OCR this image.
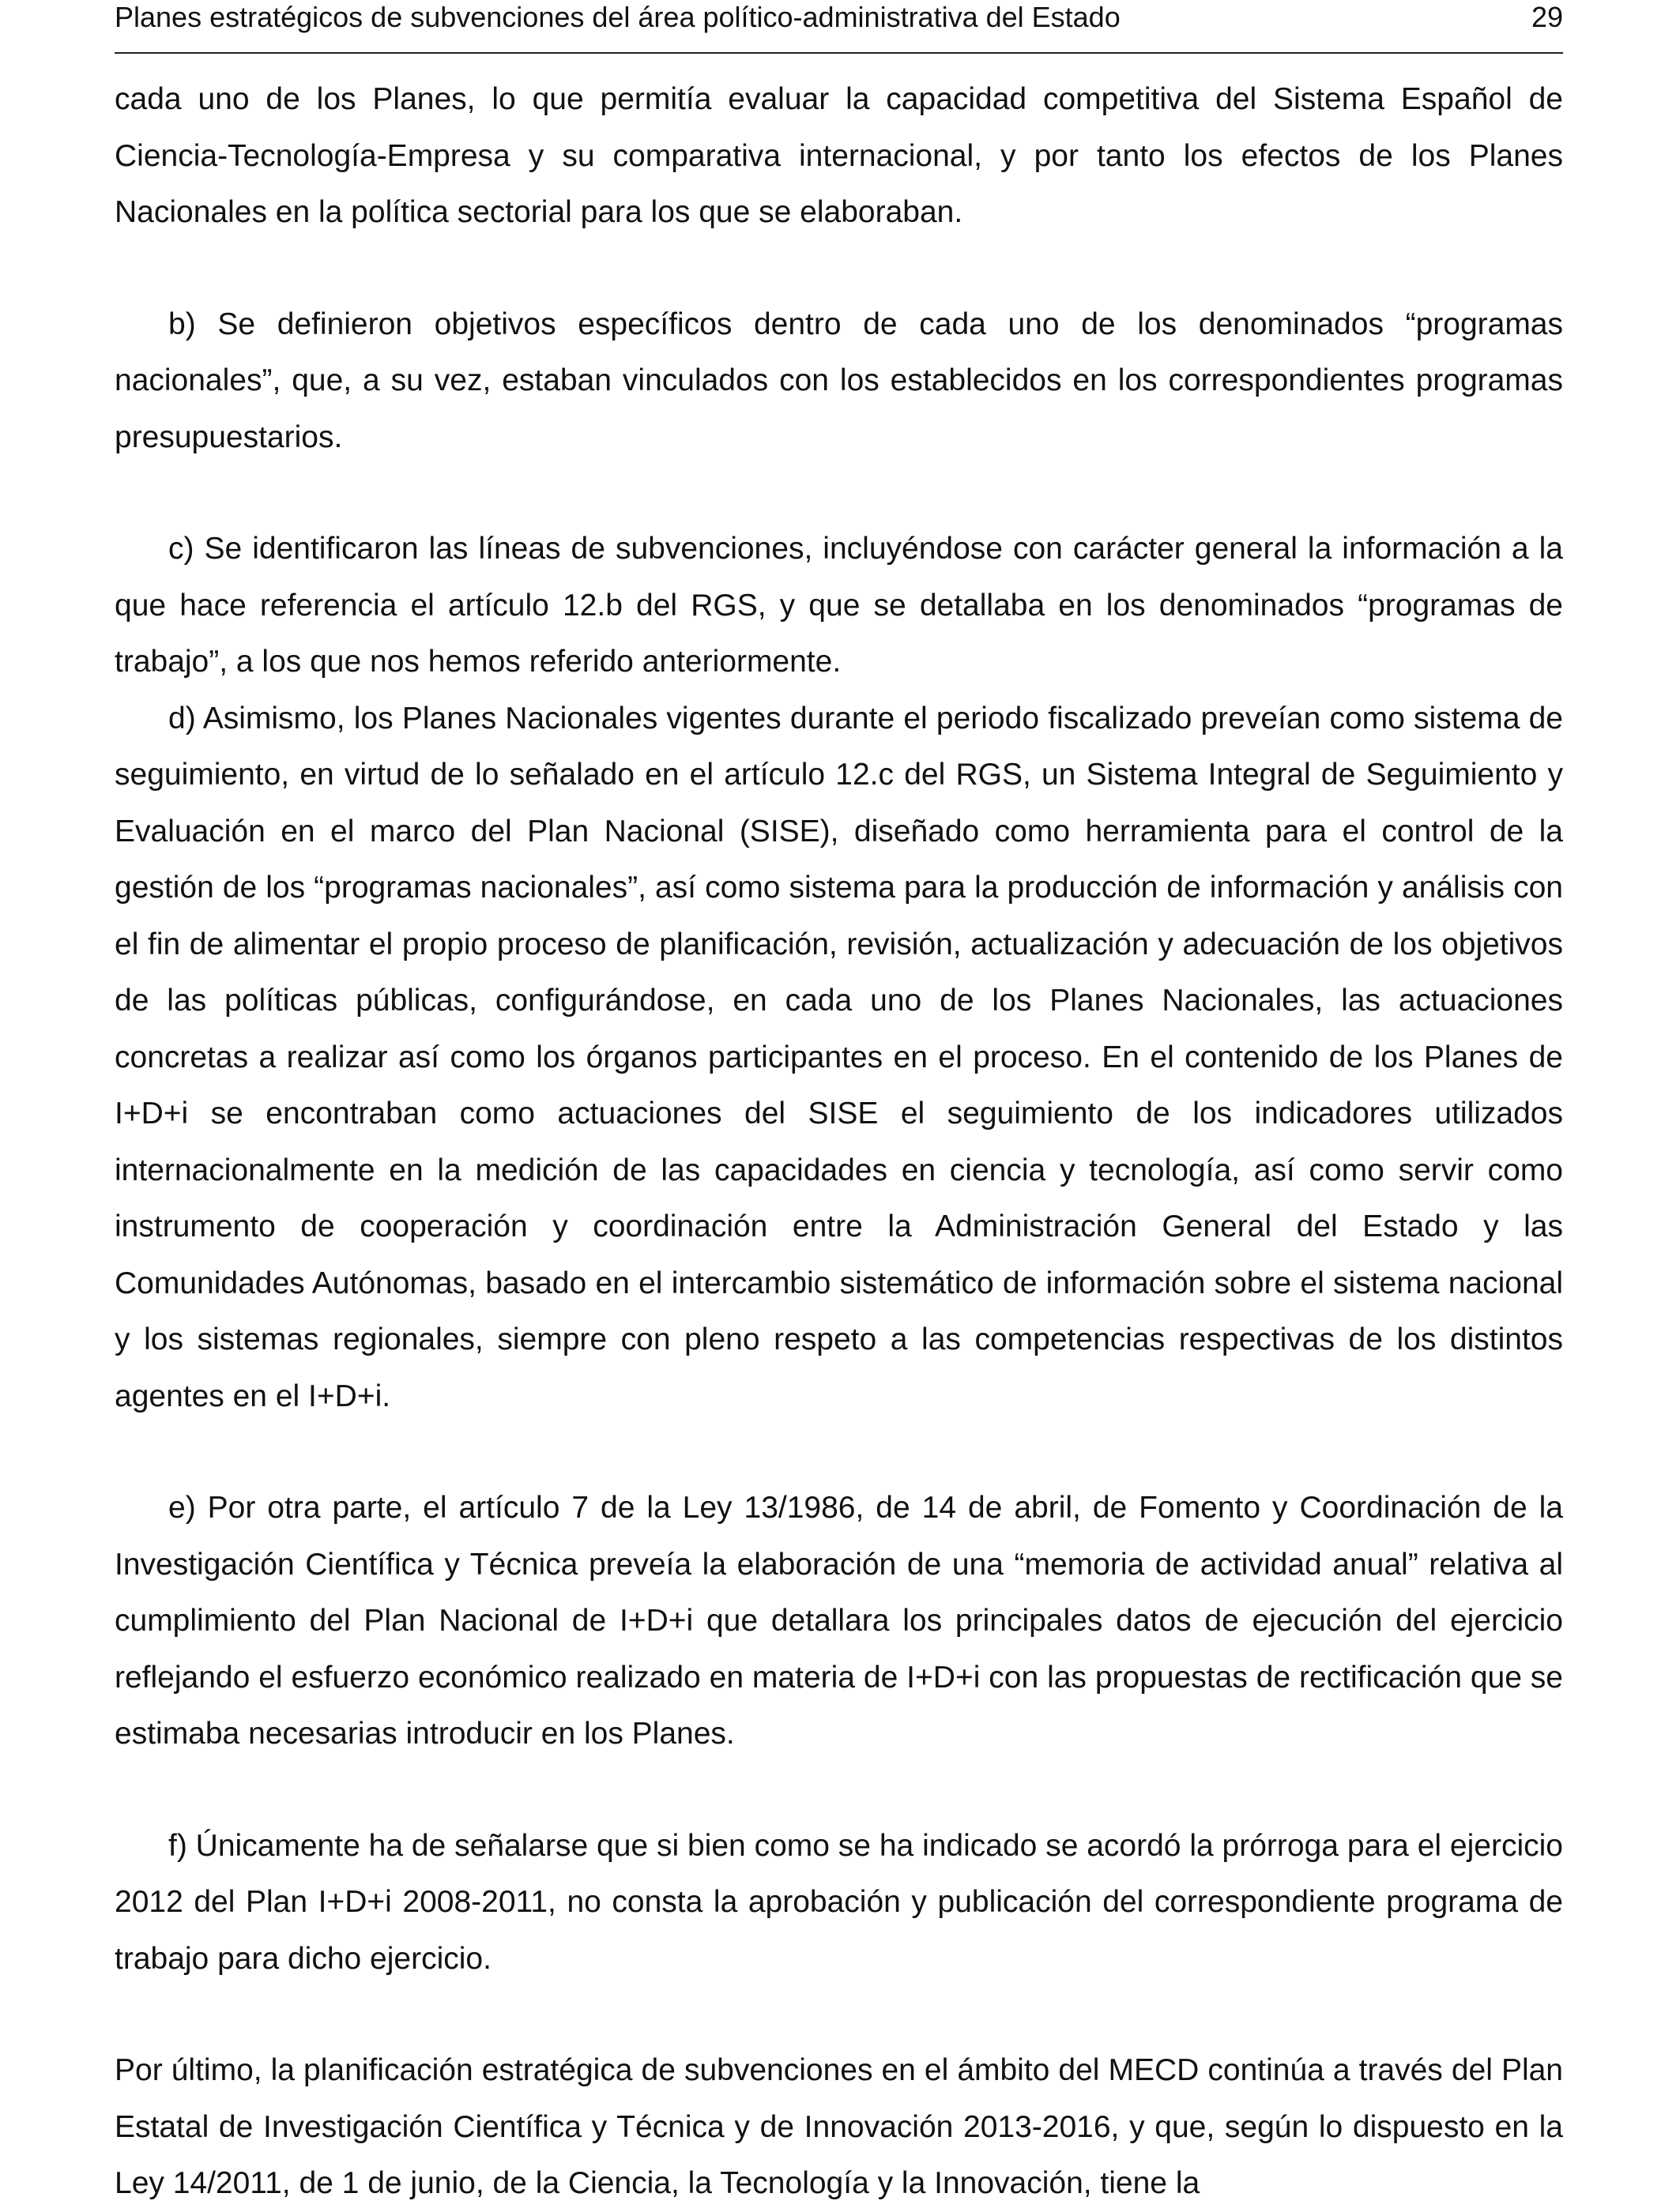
Planes estratégicos de subvenciones del área político-administrativa del Estado	29

cada uno de los Planes, lo que permitía evaluar la capacidad competitiva del Sistema Español de Ciencia-Tecnología-Empresa y su comparativa internacional, y por tanto los efectos de los Planes Nacionales en la política sectorial para los que se elaboraban.

b) Se definieron objetivos específicos dentro de cada uno de los denominados “programas nacionales”, que, a su vez, estaban vinculados con los establecidos en los correspondientes programas presupuestarios.

c) Se identificaron las líneas de subvenciones, incluyéndose con carácter general la información a la que hace referencia el artículo 12.b del RGS, y que se detallaba en los denominados “programas de trabajo”, a los que nos hemos referido anteriormente.

d) Asimismo, los Planes Nacionales vigentes durante el periodo fiscalizado preveían como sistema de seguimiento, en virtud de lo señalado en el artículo 12.c del RGS, un Sistema Integral de Seguimiento y Evaluación en el marco del Plan Nacional (SISE), diseñado como herramienta para el control de la gestión de los “programas nacionales”, así como sistema para la producción de información y análisis con el fin de alimentar el propio proceso de planificación, revisión, actualización y adecuación de los objetivos de las políticas públicas, configurándose, en cada uno de los Planes Nacionales, las actuaciones concretas a realizar así como los órganos participantes en el proceso. En el contenido de los Planes de I+D+i se encontraban como actuaciones del SISE el seguimiento de los indicadores utilizados internacionalmente en la medición de las capacidades en ciencia y tecnología, así como servir como instrumento de cooperación y coordinación entre la Administración General del Estado y las Comunidades Autónomas, basado en el intercambio sistemático de información sobre el sistema nacional y los sistemas regionales, siempre con pleno respeto a las competencias respectivas de los distintos agentes en el I+D+i.

e) Por otra parte, el artículo 7 de la Ley 13/1986, de 14 de abril, de Fomento y Coordinación de la Investigación Científica y Técnica preveía la elaboración de una “memoria de actividad anual” relativa al cumplimiento del Plan Nacional de I+D+i que detallara los principales datos de ejecución del ejercicio reflejando el esfuerzo económico realizado en materia de I+D+i con las propuestas de rectificación que se estimaba necesarias introducir en los Planes.

f) Únicamente ha de señalarse que si bien como se ha indicado se acordó la prórroga para el ejercicio 2012 del Plan I+D+i 2008-2011, no consta la aprobación y publicación del correspondiente programa de trabajo para dicho ejercicio.

Por último, la planificación estratégica de subvenciones en el ámbito del MECD continúa a través del Plan Estatal de Investigación Científica y Técnica y de Innovación 2013-2016, y que, según lo dispuesto en la Ley 14/2011, de 1 de junio, de la Ciencia, la Tecnología y la Innovación, tiene la
